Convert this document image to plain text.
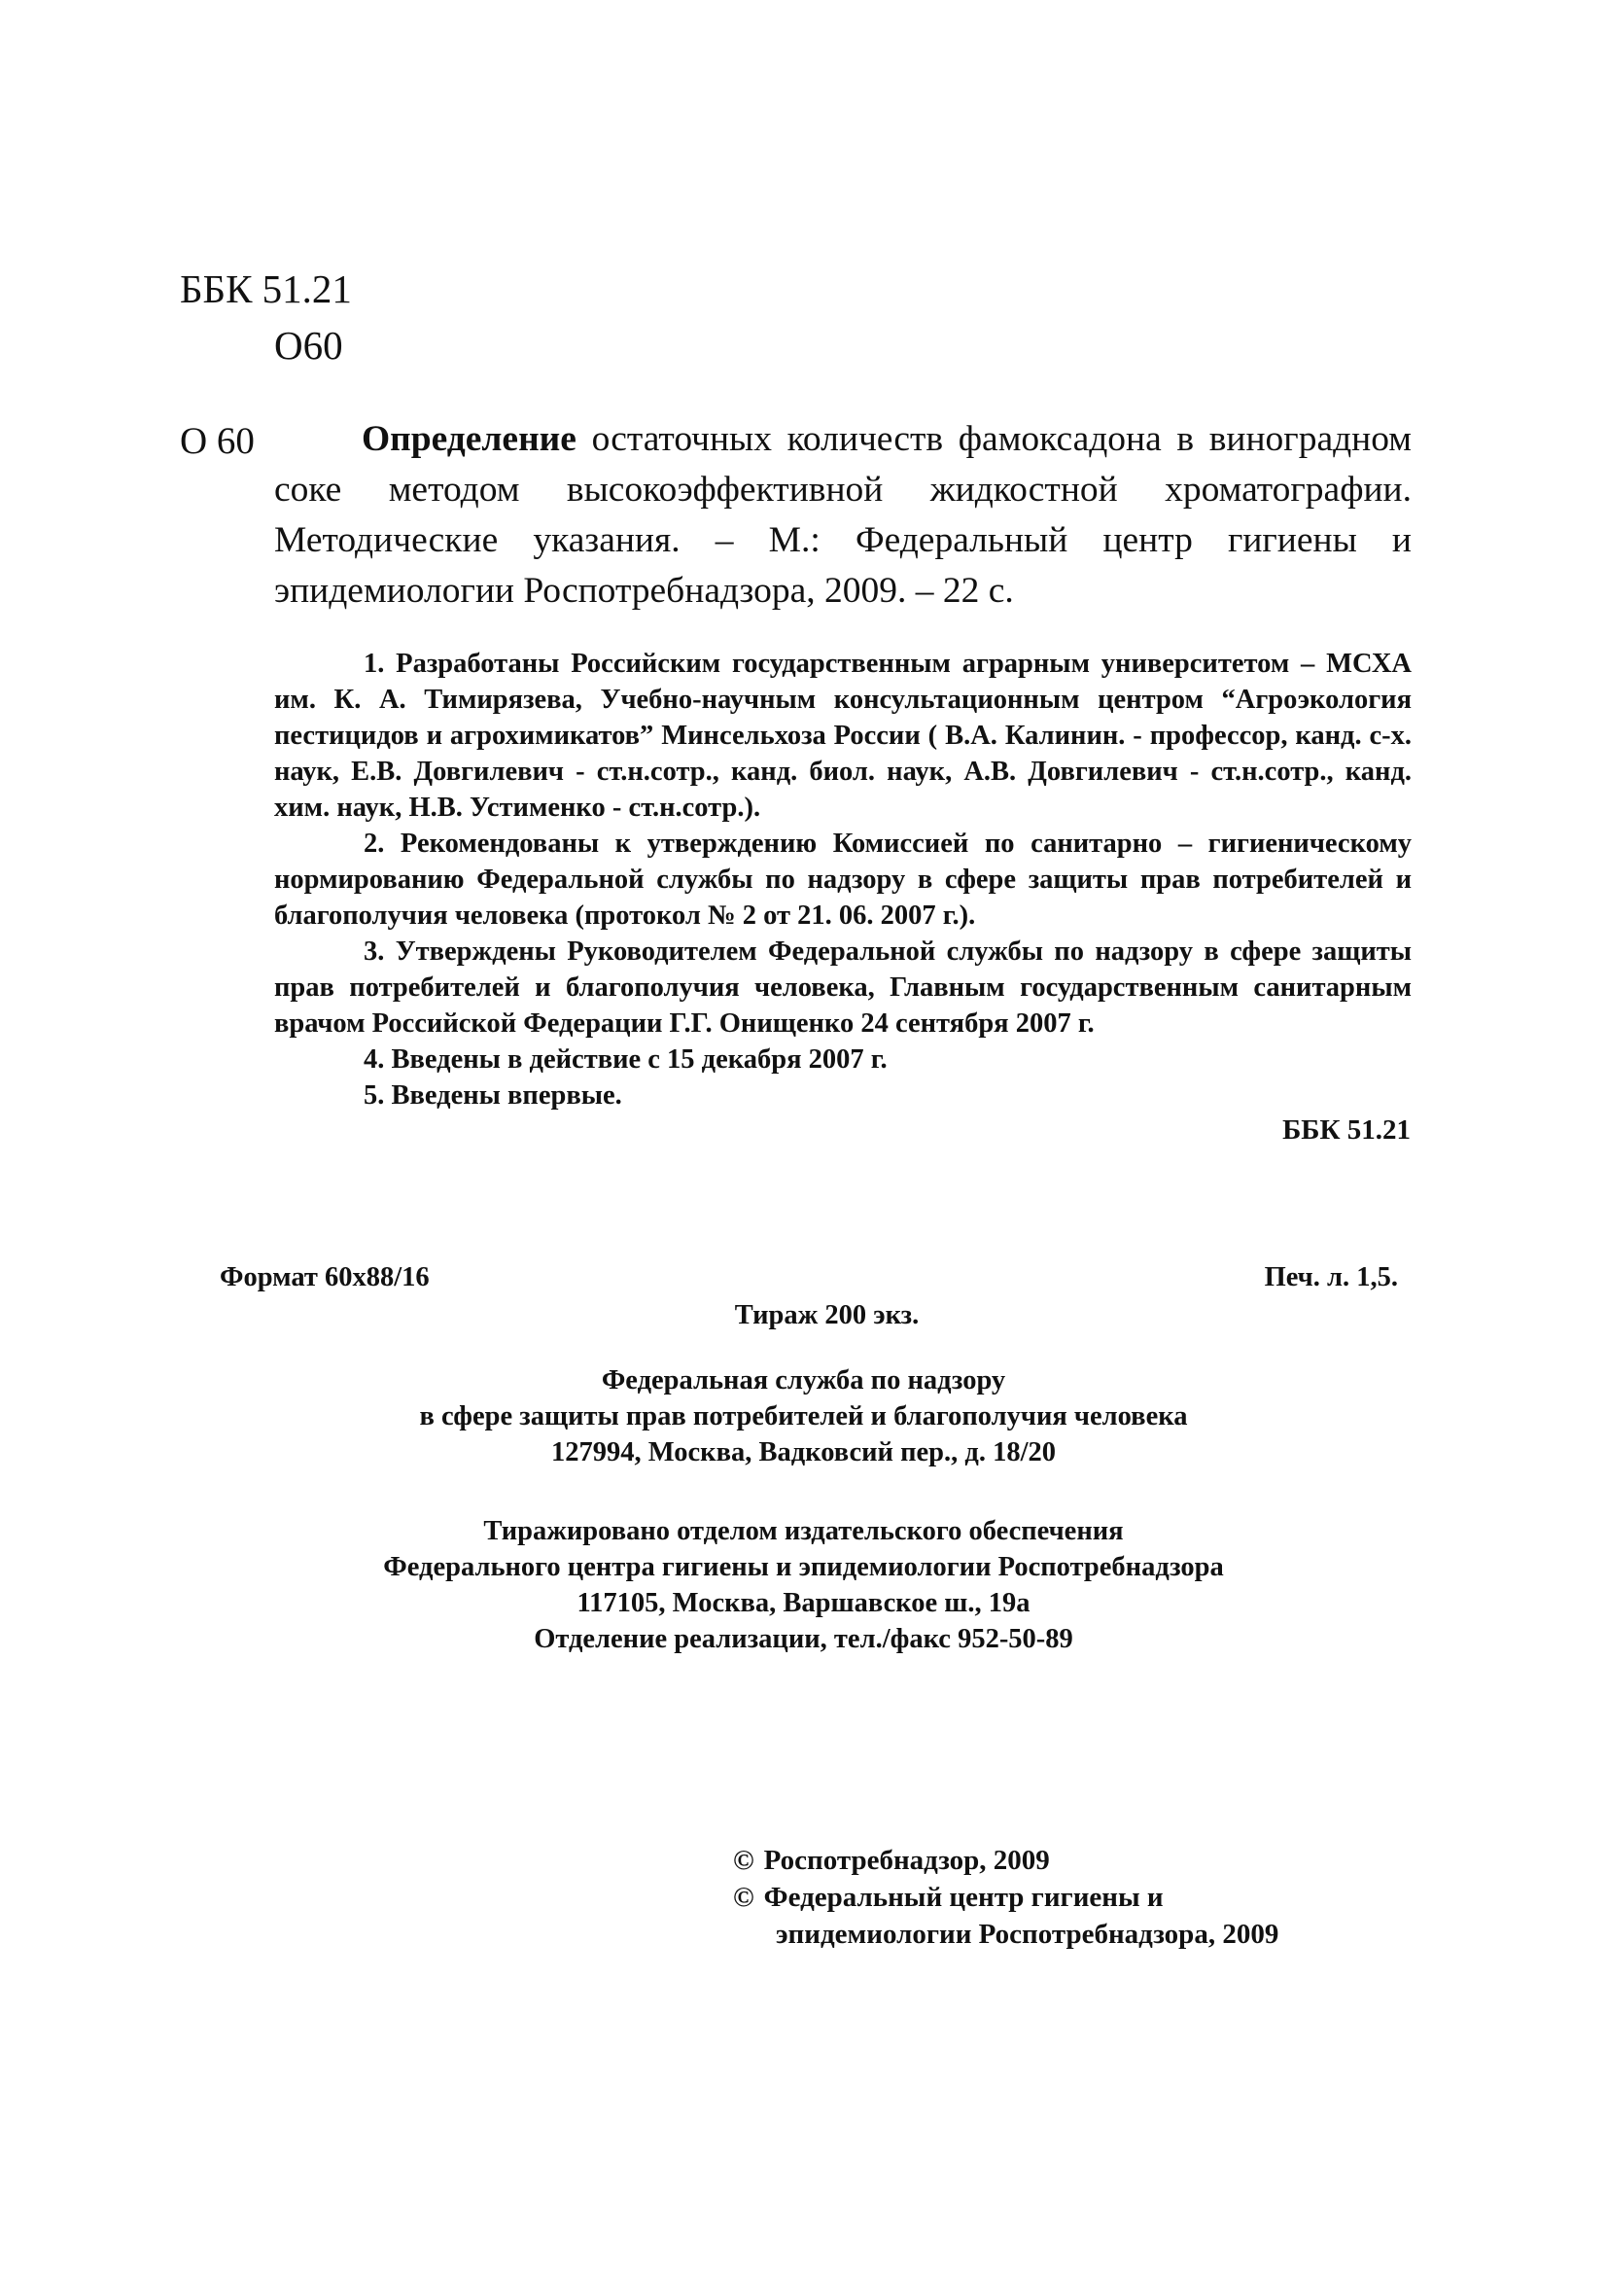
ББК 51.21
O60
О 60	Определение остаточных количеств фамоксадона в виноградном соке методом высокоэффективной жидкостной хроматографии. Методические указания. – М.: Федеральный центр гигиены и эпидемиологии Роспотребнадзора, 2009. – 22 с.

1. Разработаны Российским государственным аграрным университетом – МСХА им. К. А. Тимирязева, Учебно-научным консультационным центром “Агроэкология пестицидов и агрохимикатов” Минсельхоза России ( В.А. Калинин. - профессор, канд. с-х. наук, Е.В. Довгилевич - ст.н.сотр., канд. биол. наук, А.В. Довгилевич - ст.н.сотр., канд. хим. наук, Н.В. Устименко - ст.н.сотр.).

2. Рекомендованы к утверждению Комиссией по санитарно – гигиеническому нормированию Федеральной службы по надзору в сфере защиты прав потребителей и благополучия человека (протокол № 2 от 21. 06. 2007 г.).

3. Утверждены Руководителем Федеральной службы по надзору в сфере защиты прав потребителей и благополучия человека, Главным государственным санитарным врачом Российской Федерации Г.Г. Онищенко 24 сентября 2007 г.

4. Введены в действие с 15 декабря 2007 г.

5. Введены впервые.

ББК 51.21
Формат 60x88/16	Печ. л. 1,5.
Тираж 200 экз.
Федеральная служба по надзору
в сфере защиты прав потребителей и благополучия человека
127994, Москва, Вадковсий пер., д. 18/20
Тиражировано отделом издательского обеспечения
Федерального центра гигиены и эпидемиологии Роспотребнадзора
117105, Москва, Варшавское ш., 19а
Отделение реализации, тел./факс 952-50-89
© Роспотребнадзор, 2009
© Федеральный центр гигиены и
эпидемиологии Роспотребнадзора, 2009
